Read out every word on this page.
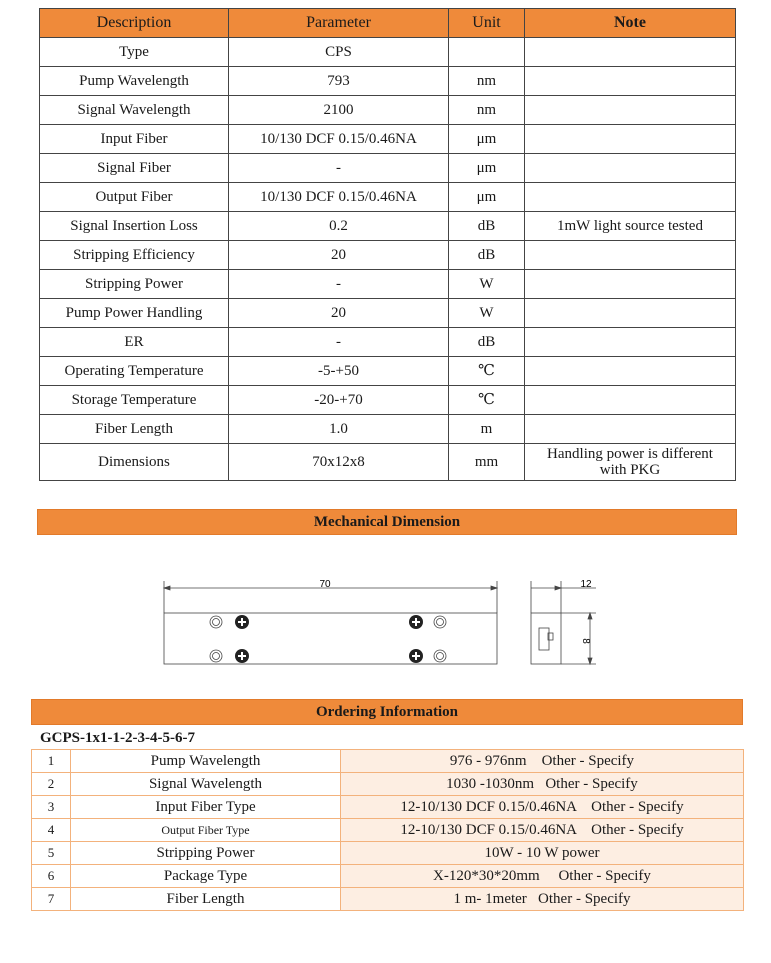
Description	Parameter	Unit	Note
Type	CPS		
Pump Wavelength	793	nm	
Signal Wavelength	2100	nm	
Input Fiber	10/130 DCF 0.15/0.46NA	μm	
Signal Fiber	-	μm	
Output Fiber	10/130 DCF 0.15/0.46NA	μm	
Signal Insertion Loss	0.2	dB	1mW light source tested
Stripping Efficiency	20	dB	
Stripping Power	-	W	
Pump Power Handling	20	W	
ER	-	dB	
Operating Temperature	-5-+50	℃	
Storage Temperature	-20-+70	℃	
Fiber Length	1.0	m	
Dimensions	70x12x8	mm	Handling power is different
with PKG
Mechanical Dimension
70	12
8
Ordering Information
GCPS-1x1-1-2-3-4-5-6-7
1	Pump Wavelength	976 - 976nm    Other - Specify
2	Signal Wavelength	1030 -1030nm   Other - Specify
3	Input Fiber Type	12-10/130 DCF 0.15/0.46NA    Other - Specify
4	Output Fiber Type	12-10/130 DCF 0.15/0.46NA    Other - Specify
5	Stripping Power	10W - 10 W power
6	Package Type	X-120*30*20mm     Other - Specify
7	Fiber Length	1 m- 1meter   Other - Specify
